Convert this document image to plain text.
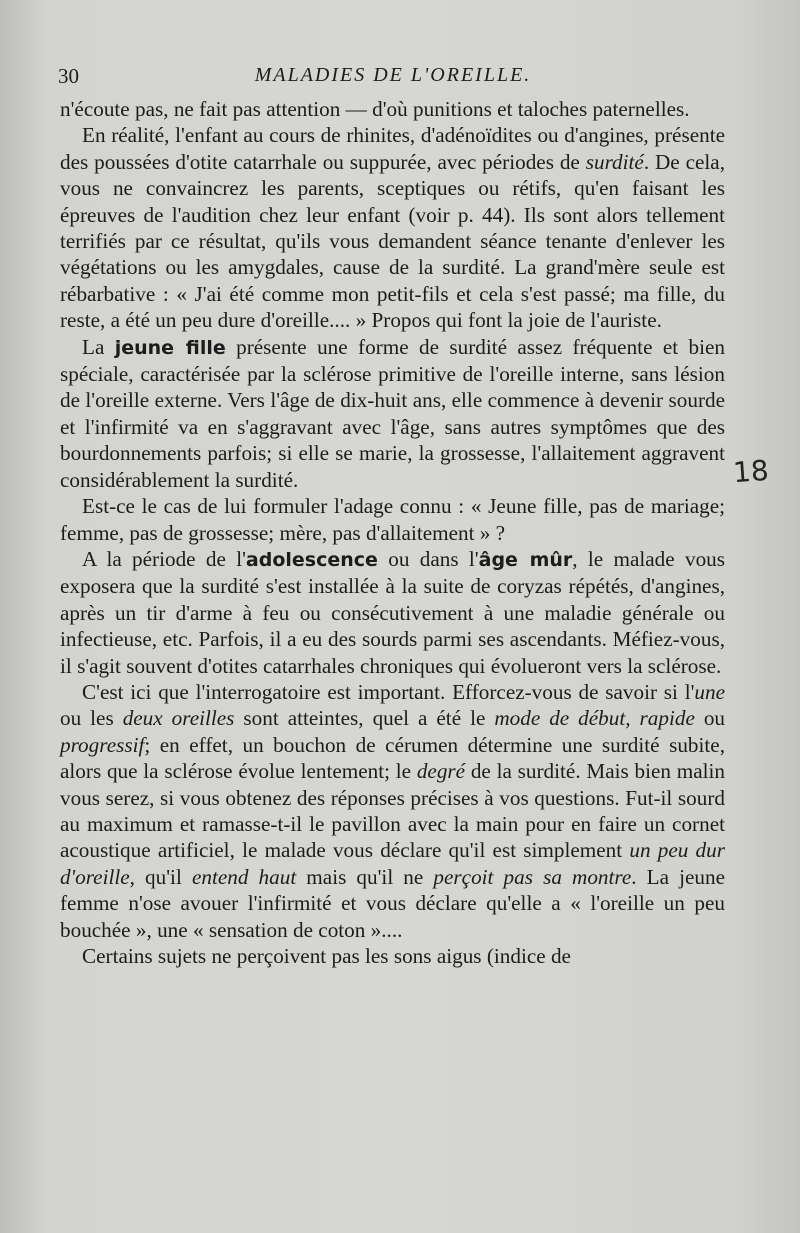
30	MALADIES DE L'OREILLE.

n'écoute pas, ne fait pas attention — d'où punitions et taloches paternelles.

En réalité, l'enfant au cours de rhinites, d'adénoïdites ou d'angines, présente des poussées d'otite catarrhale ou suppurée, avec périodes de surdité. De cela, vous ne convaincrez les parents, sceptiques ou rétifs, qu'en faisant les épreuves de l'audition chez leur enfant (voir p. 44). Ils sont alors tellement terrifiés par ce résultat, qu'ils vous demandent séance tenante d'enlever les végétations ou les amygdales, cause de la surdité. La grand'mère seule est rébarbative : « J'ai été comme mon petit-fils et cela s'est passé; ma fille, du reste, a été un peu dure d'oreille.... » Propos qui font la joie de l'auriste.

La jeune fille présente une forme de surdité assez fréquente et bien spéciale, caractérisée par la sclérose primitive de l'oreille interne, sans lésion de l'oreille externe. Vers l'âge de dix-huit ans, elle commence à devenir sourde et l'infirmité va en s'aggravant avec l'âge, sans autres symptômes que des bourdonnements parfois; si elle se marie, la grossesse, l'allaitement aggravent considérablement la surdité.

Est-ce le cas de lui formuler l'adage connu : « Jeune fille, pas de mariage; femme, pas de grossesse; mère, pas d'allaitement » ?

A la période de l'adolescence ou dans l'âge mûr, le malade vous exposera que la surdité s'est installée à la suite de coryzas répétés, d'angines, après un tir d'arme à feu ou consécutivement à une maladie générale ou infectieuse, etc. Parfois, il a eu des sourds parmi ses ascendants. Méfiez-vous, il s'agit souvent d'otites catarrhales chroniques qui évolueront vers la sclérose.

C'est ici que l'interrogatoire est important. Efforcez-vous de savoir si l'une ou les deux oreilles sont atteintes, quel a été le mode de début, rapide ou progressif; en effet, un bouchon de cérumen détermine une surdité subite, alors que la sclérose évolue lentement; le degré de la surdité. Mais bien malin vous serez, si vous obtenez des réponses précises à vos questions. Fut-il sourd au maximum et ramasse-t-il le pavillon avec la main pour en faire un cornet acoustique artificiel, le malade vous déclare qu'il est simplement un peu dur d'oreille, qu'il entend haut mais qu'il ne perçoit pas sa montre. La jeune femme n'ose avouer l'infirmité et vous déclare qu'elle a « l'oreille un peu bouchée », une « sensation de coton »....

Certains sujets ne perçoivent pas les sons aigus (indice de

18
